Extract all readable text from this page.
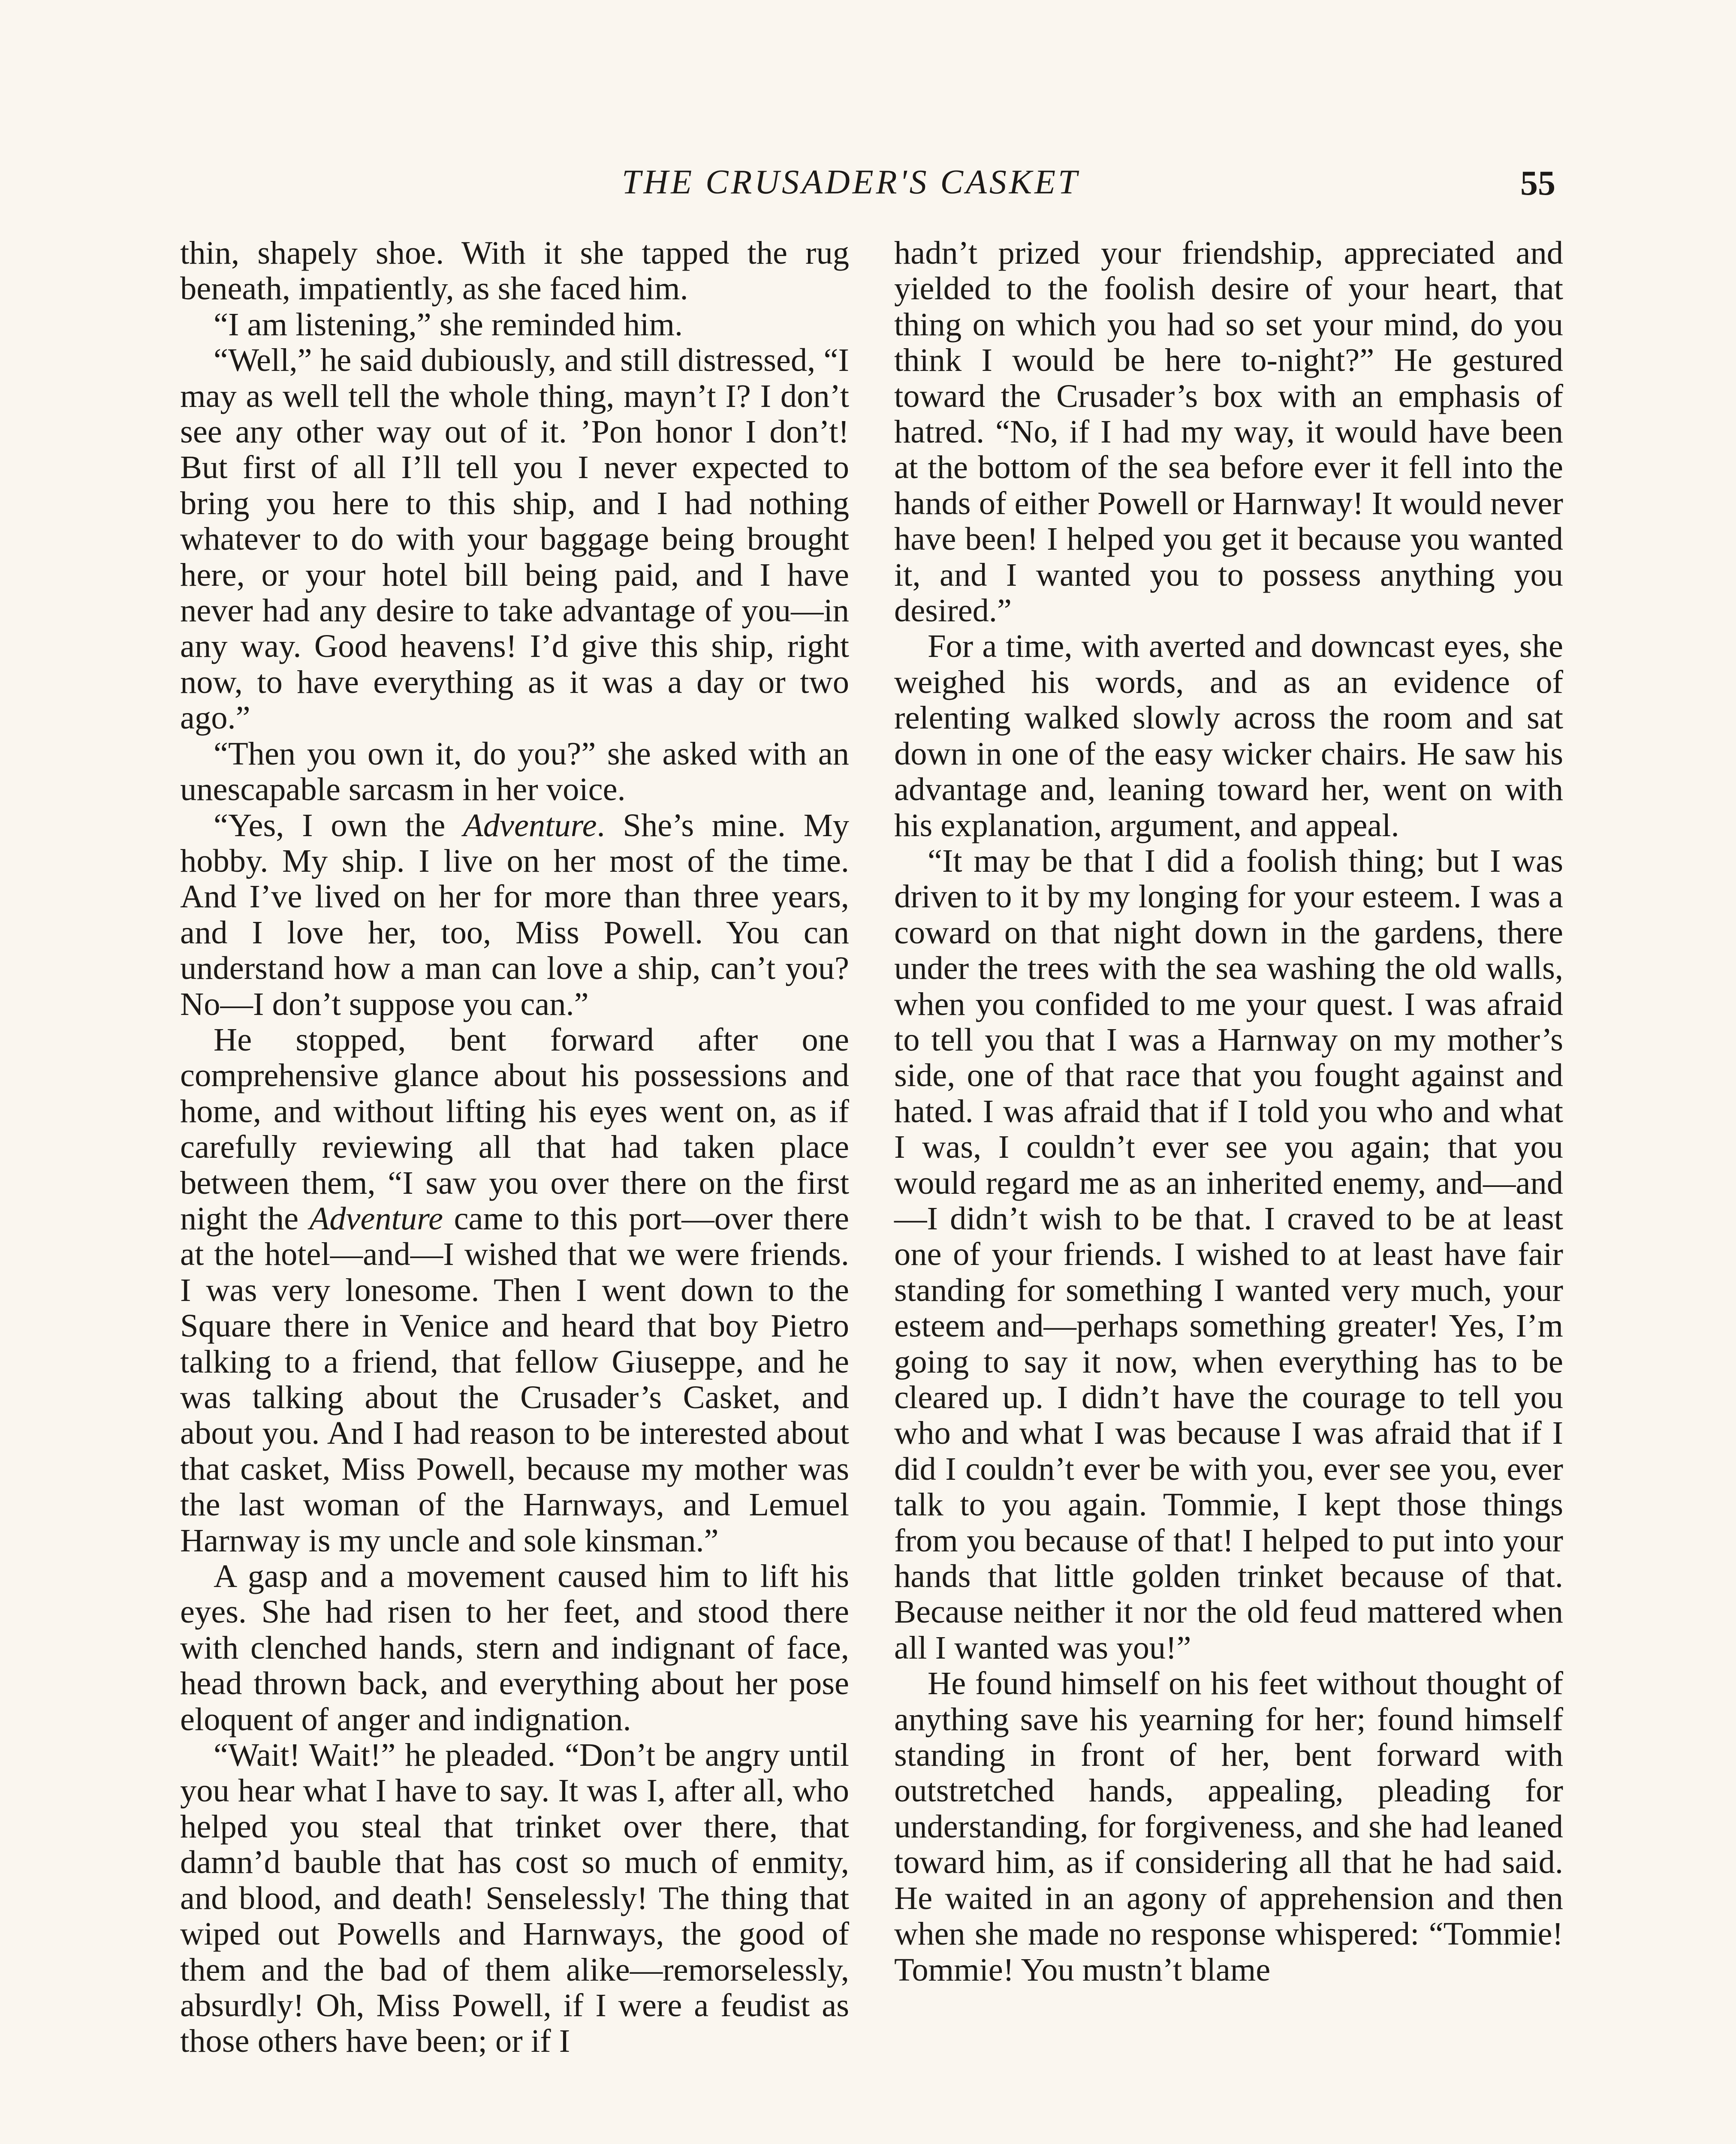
THE CRUSADER'S CASKET	55

thin, shapely shoe. With it she tapped the rug beneath, impatiently, as she faced him.

“I am listening,” she reminded him.

“Well,” he said dubiously, and still distressed, “I may as well tell the whole thing, mayn’t I? I don’t see any other way out of it. ’Pon honor I don’t! But first of all I’ll tell you I never expected to bring you here to this ship, and I had nothing whatever to do with your baggage being brought here, or your hotel bill being paid, and I have never had any desire to take advantage of you—in any way. Good heavens! I’d give this ship, right now, to have everything as it was a day or two ago.”

“Then you own it, do you?” she asked with an unescapable sarcasm in her voice.

“Yes, I own the Adventure. She’s mine. My hobby. My ship. I live on her most of the time. And I’ve lived on her for more than three years, and I love her, too, Miss Powell. You can understand how a man can love a ship, can’t you? No—I don’t suppose you can.”

He stopped, bent forward after one comprehensive glance about his possessions and home, and without lifting his eyes went on, as if carefully reviewing all that had taken place between them, “I saw you over there on the first night the Adventure came to this port—over there at the hotel—and—I wished that we were friends. I was very lonesome. Then I went down to the Square there in Venice and heard that boy Pietro talking to a friend, that fellow Giuseppe, and he was talking about the Crusader’s Casket, and about you. And I had reason to be interested about that casket, Miss Powell, because my mother was the last woman of the Harnways, and Lemuel Harnway is my uncle and sole kinsman.”

A gasp and a movement caused him to lift his eyes. She had risen to her feet, and stood there with clenched hands, stern and indignant of face, head thrown back, and everything about her pose eloquent of anger and indignation.

“Wait! Wait!” he pleaded. “Don’t be angry until you hear what I have to say. It was I, after all, who helped you steal that trinket over there, that damn’d bauble that has cost so much of enmity, and blood, and death! Senselessly! The thing that wiped out Powells and Harnways, the good of them and the bad of them alike—remorselessly, absurdly! Oh, Miss Powell, if I were a feudist as those others have been; or if I

hadn’t prized your friendship, appreciated and yielded to the foolish desire of your heart, that thing on which you had so set your mind, do you think I would be here to-night?” He gestured toward the Crusader’s box with an emphasis of hatred. “No, if I had my way, it would have been at the bottom of the sea before ever it fell into the hands of either Powell or Harnway! It would never have been! I helped you get it because you wanted it, and I wanted you to possess anything you desired.”

For a time, with averted and downcast eyes, she weighed his words, and as an evidence of relenting walked slowly across the room and sat down in one of the easy wicker chairs. He saw his advantage and, leaning toward her, went on with his explanation, argument, and appeal.

“It may be that I did a foolish thing; but I was driven to it by my longing for your esteem. I was a coward on that night down in the gardens, there under the trees with the sea washing the old walls, when you confided to me your quest. I was afraid to tell you that I was a Harnway on my mother’s side, one of that race that you fought against and hated. I was afraid that if I told you who and what I was, I couldn’t ever see you again; that you would regard me as an inherited enemy, and—and—I didn’t wish to be that. I craved to be at least one of your friends. I wished to at least have fair standing for something I wanted very much, your esteem and—perhaps something greater! Yes, I’m going to say it now, when everything has to be cleared up. I didn’t have the courage to tell you who and what I was because I was afraid that if I did I couldn’t ever be with you, ever see you, ever talk to you again. Tommie, I kept those things from you because of that! I helped to put into your hands that little golden trinket because of that. Because neither it nor the old feud mattered when all I wanted was you!”

He found himself on his feet without thought of anything save his yearning for her; found himself standing in front of her, bent forward with outstretched hands, appealing, pleading for understanding, for forgiveness, and she had leaned toward him, as if considering all that he had said. He waited in an agony of apprehension and then when she made no response whispered: “Tommie! Tommie! You mustn’t blame
